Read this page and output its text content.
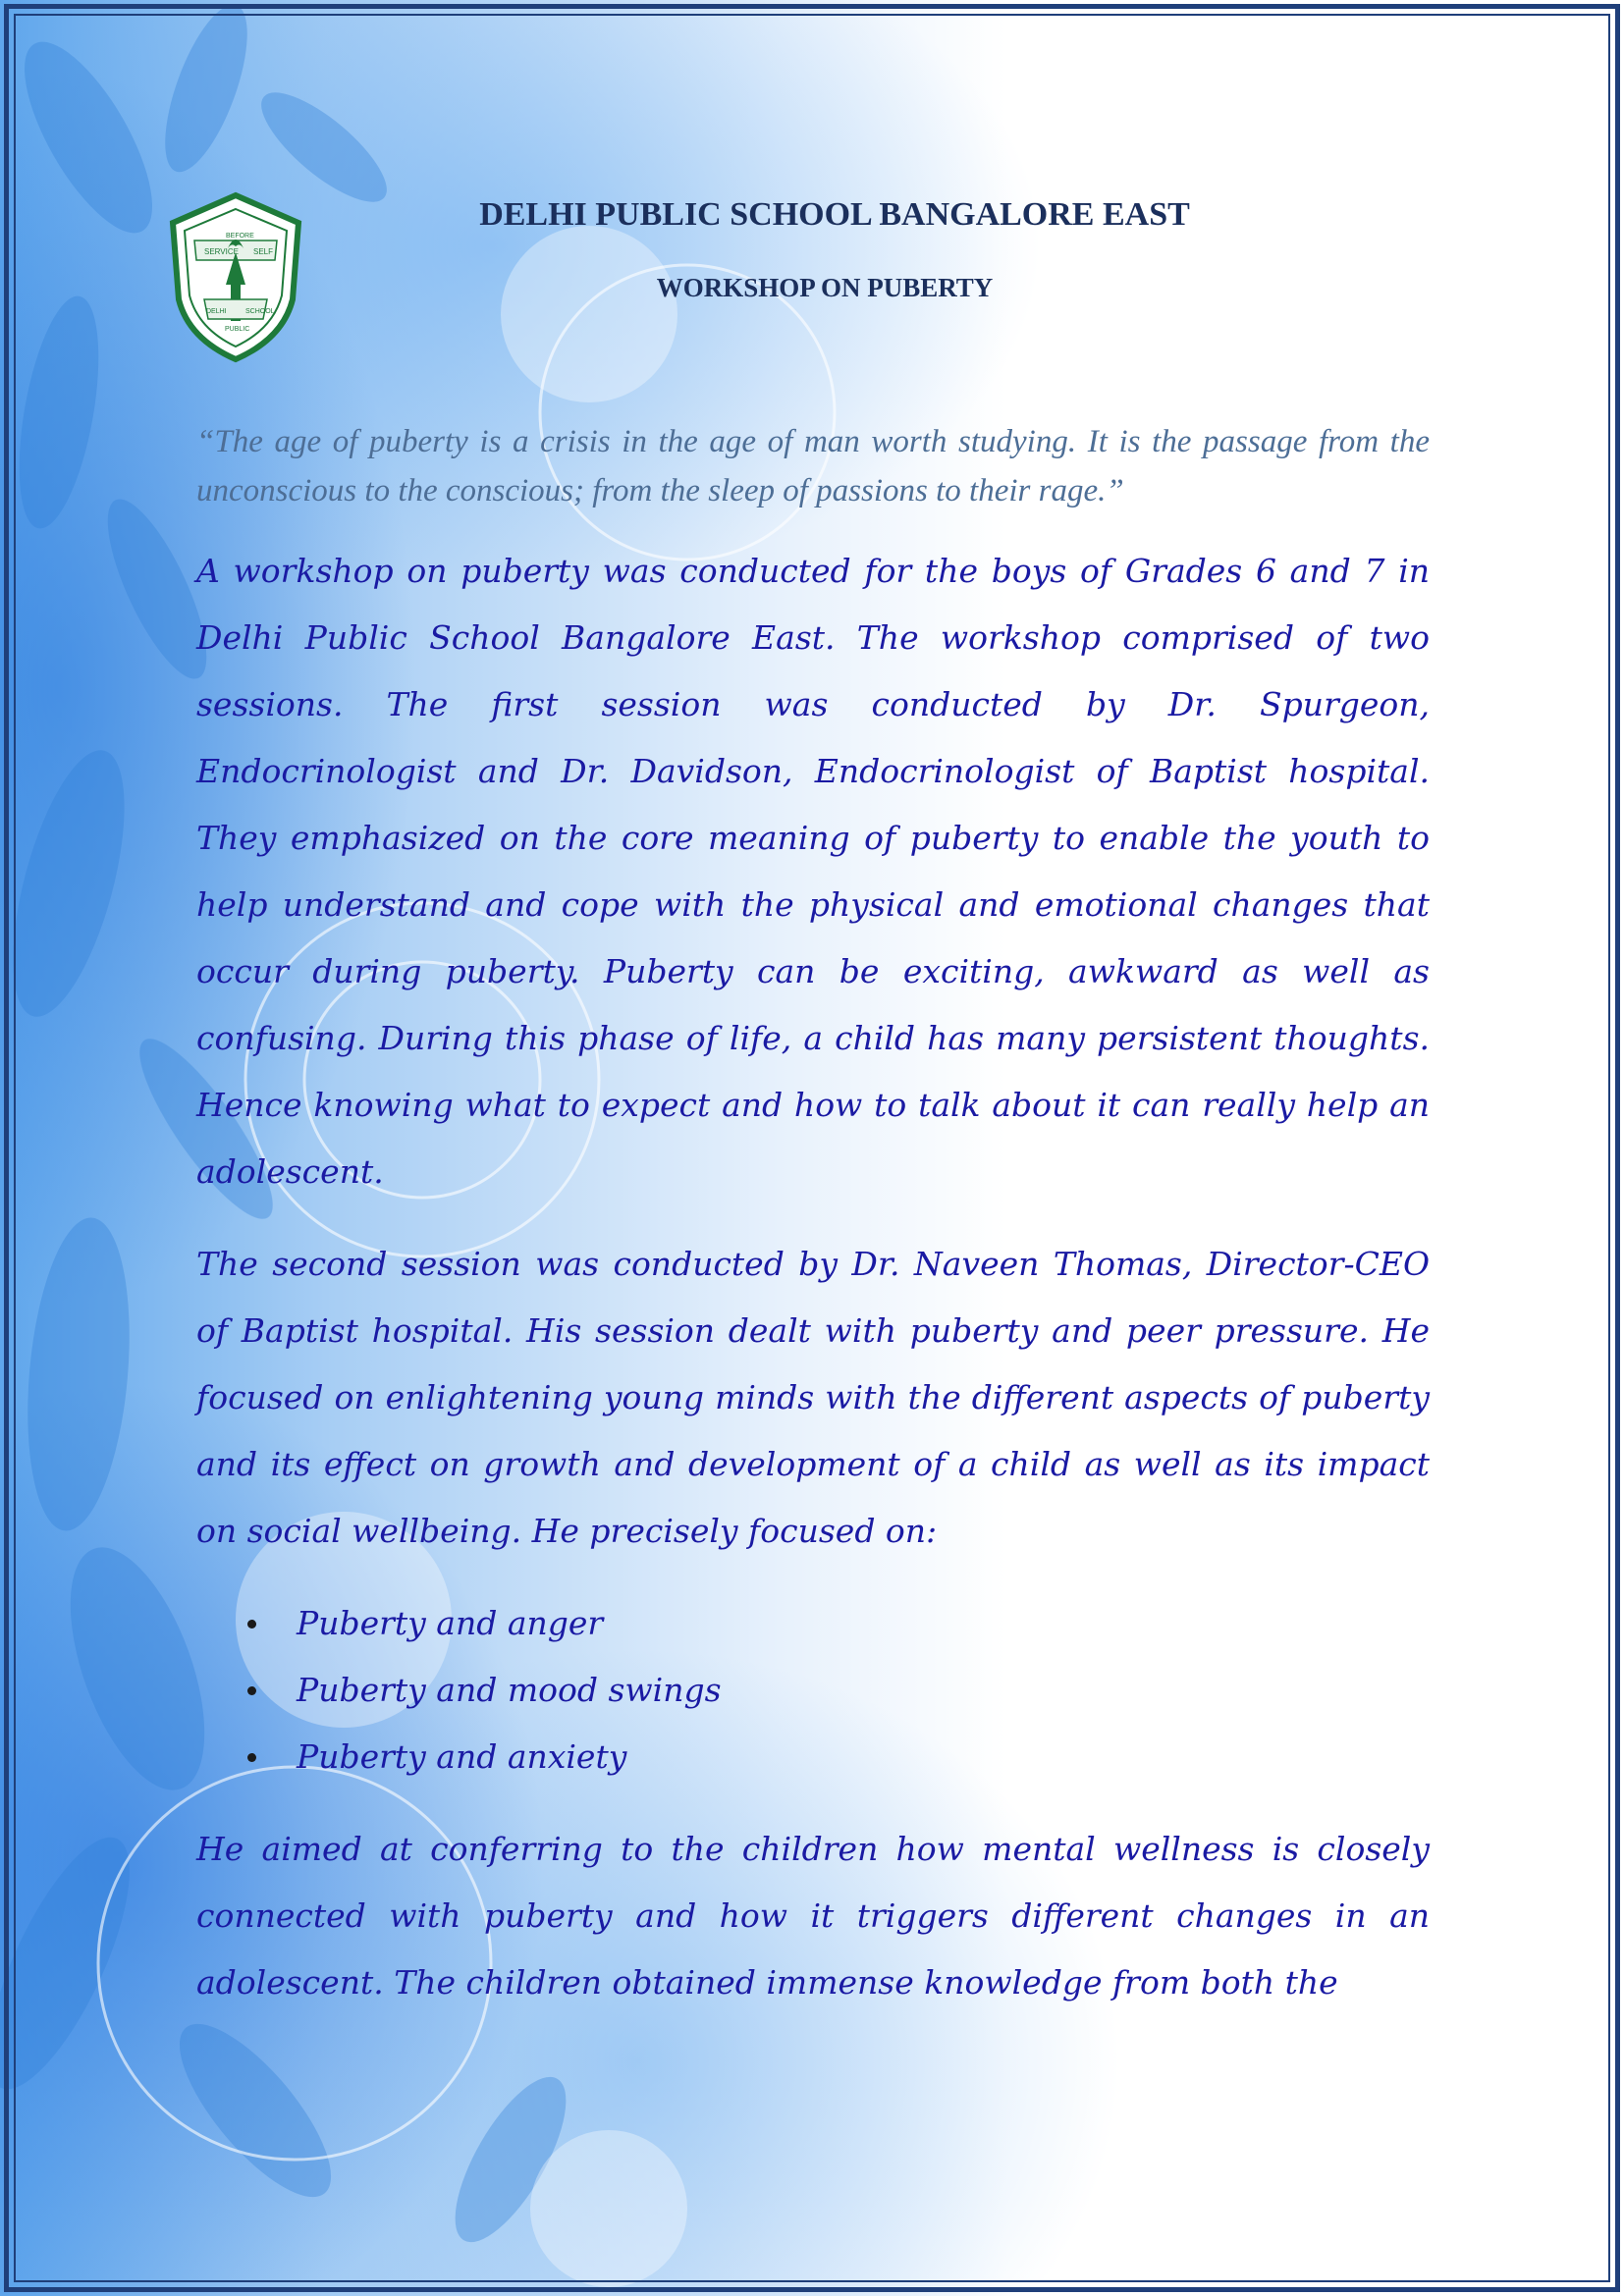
SERVICE
BEFORE
SELF
DELHI
PUBLIC
SCHOOL
DELHI PUBLIC SCHOOL BANGALORE EAST
WORKSHOP ON PUBERTY
“The age of puberty is a crisis in the age of man worth studying. It is the passage from the unconscious to the conscious; from the sleep of passions to their rage.”

A workshop on puberty was conducted for the boys of Grades 6 and 7 in Delhi Public School Bangalore East. The workshop comprised of two sessions. The first session was conducted by Dr. Spurgeon, Endocrinologist and Dr. Davidson, Endocrinologist of Baptist hospital. They emphasized on the core meaning of puberty to enable the youth to help understand and cope with the physical and emotional changes that occur during puberty. Puberty can be exciting, awkward as well as confusing. During this phase of life, a child has many persistent thoughts. Hence knowing what to expect and how to talk about it can really help an adolescent.

The second session was conducted by Dr. Naveen Thomas, Director-CEO of Baptist hospital. His session dealt with puberty and peer pressure. He focused on enlightening young minds with the different aspects of puberty and its effect on growth and development of a child as well as its impact on social wellbeing. He precisely focused on:

Puberty and anger
Puberty and mood swings
Puberty and anxiety

He aimed at conferring to the children how mental wellness is closely connected with puberty and how it triggers different changes in an adolescent. The children obtained immense knowledge from both the
